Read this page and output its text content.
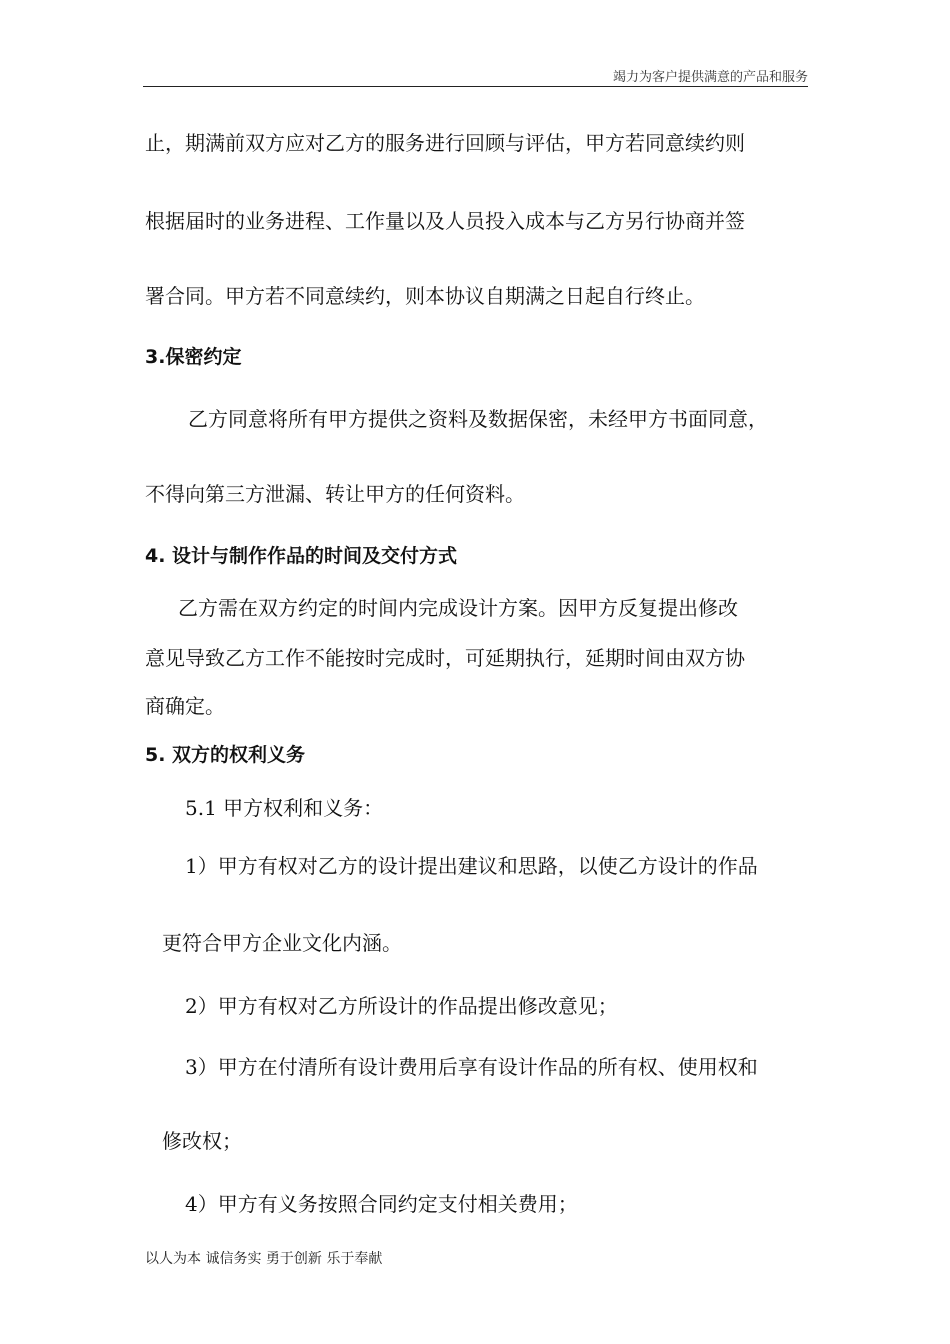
竭力为客户提供满意的产品和服务
止，期满前双方应对乙方的服务进行回顾与评估，甲方若同意续约则
根据届时的业务进程、工作量以及人员投入成本与乙方另行协商并签
署合同。甲方若不同意续约，则本协议自期满之日起自行终止。
3.保密约定
乙方同意将所有甲方提供之资料及数据保密，未经甲方书面同意，
不得向第三方泄漏、转让甲方的任何资料。
4. 设计与制作作品的时间及交付方式
乙方需在双方约定的时间内完成设计方案。因甲方反复提出修改
意见导致乙方工作不能按时完成时，可延期执行，延期时间由双方协
商确定。
5. 双方的权利义务
5.1 甲方权利和义务：
1）甲方有权对乙方的设计提出建议和思路，以使乙方设计的作品
更符合甲方企业文化内涵。
2）甲方有权对乙方所设计的作品提出修改意见；
3）甲方在付清所有设计费用后享有设计作品的所有权、使用权和
修改权；
4）甲方有义务按照合同约定支付相关费用；
以人为本 诚信务实 勇于创新 乐于奉献
